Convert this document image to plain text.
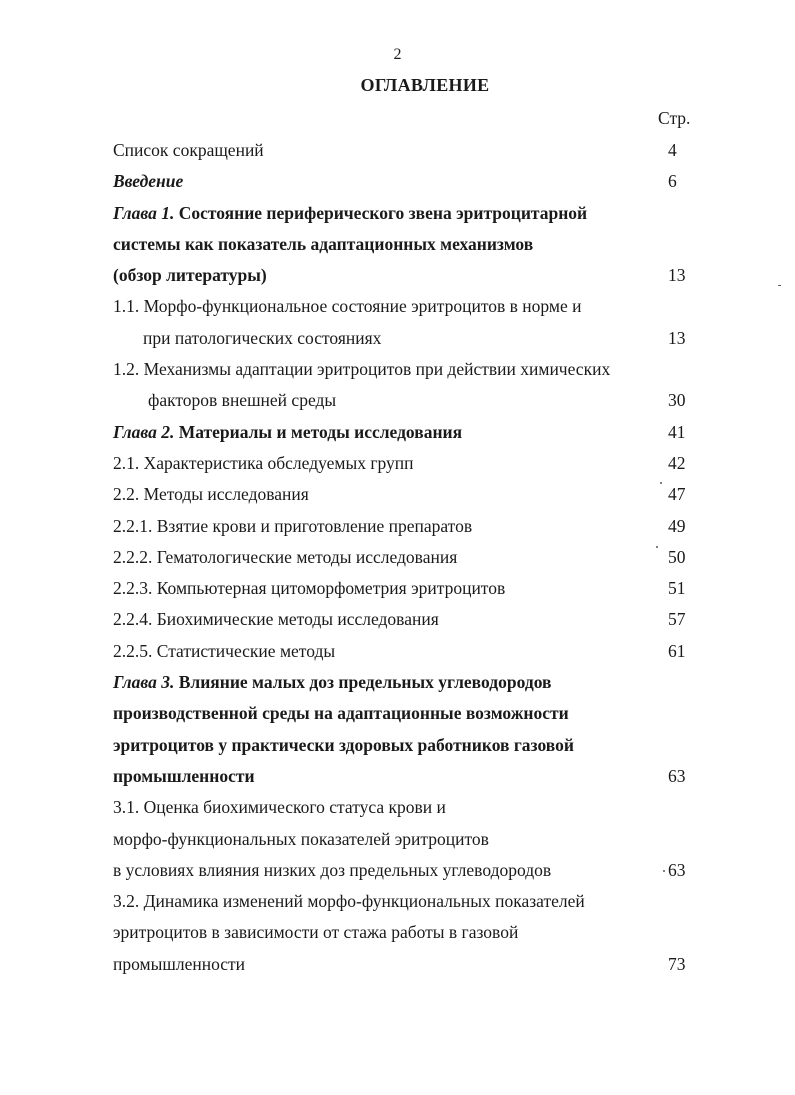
2
ОГЛАВЛЕНИЕ
Стр.
Список сокращений	4
Введение	6
Глава 1. Состояние периферического звена эритроцитарной
системы как показатель адаптационных механизмов
(обзор литературы)	13
1.1. Морфо-функциональное состояние эритроцитов в норме и
при патологических состояниях	13
1.2. Механизмы адаптации эритроцитов при действии химических
факторов внешней среды	30
Глава 2. Материалы и методы исследования	41
2.1. Характеристика обследуемых групп	42
2.2. Методы исследования	47
2.2.1. Взятие крови и приготовление препаратов	49
2.2.2. Гематологические методы исследования	50
2.2.3. Компьютерная цитоморфометрия эритроцитов	51
2.2.4. Биохимические методы исследования	57
2.2.5. Статистические методы	61
Глава 3. Влияние малых доз предельных углеводородов
производственной среды на адаптационные возможности
эритроцитов у практически здоровых работников газовой
промышленности	63
3.1. Оценка биохимического статуса крови и
морфо-функциональных показателей эритроцитов
в условиях влияния низких доз предельных углеводородов	63
3.2. Динамика изменений морфо-функциональных показателей
эритроцитов в зависимости от стажа работы в газовой
промышленности	73
